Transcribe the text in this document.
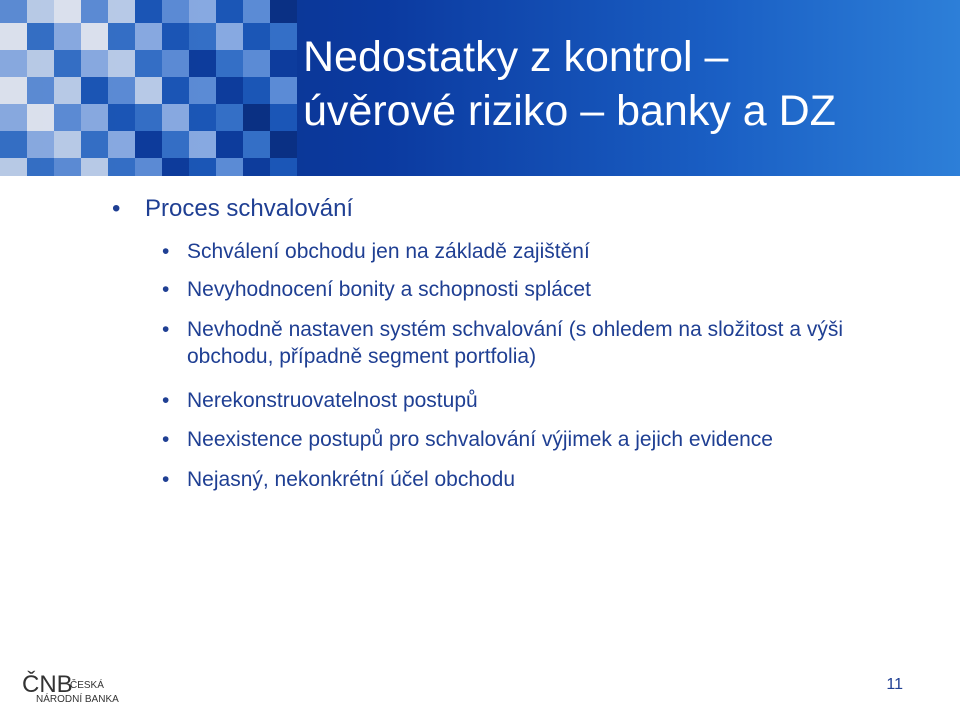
Nedostatky z kontrol –
úvěrové riziko – banky a DZ
• Proces schvalování
• Schválení obchodu jen na základě zajištění
• Nevyhodnocení bonity a schopnosti splácet
• Nevhodně nastaven systém schvalování (s ohledem na složitost a výši obchodu, případně segment portfolia)
• Nerekonstruovatelnost postupů
• Neexistence postupů pro schvalování výjimek a jejich evidence
• Nejasný, nekonkrétní účel obchodu
ČNB
ČESKÁ
NÁRODNÍ BANKA
11
